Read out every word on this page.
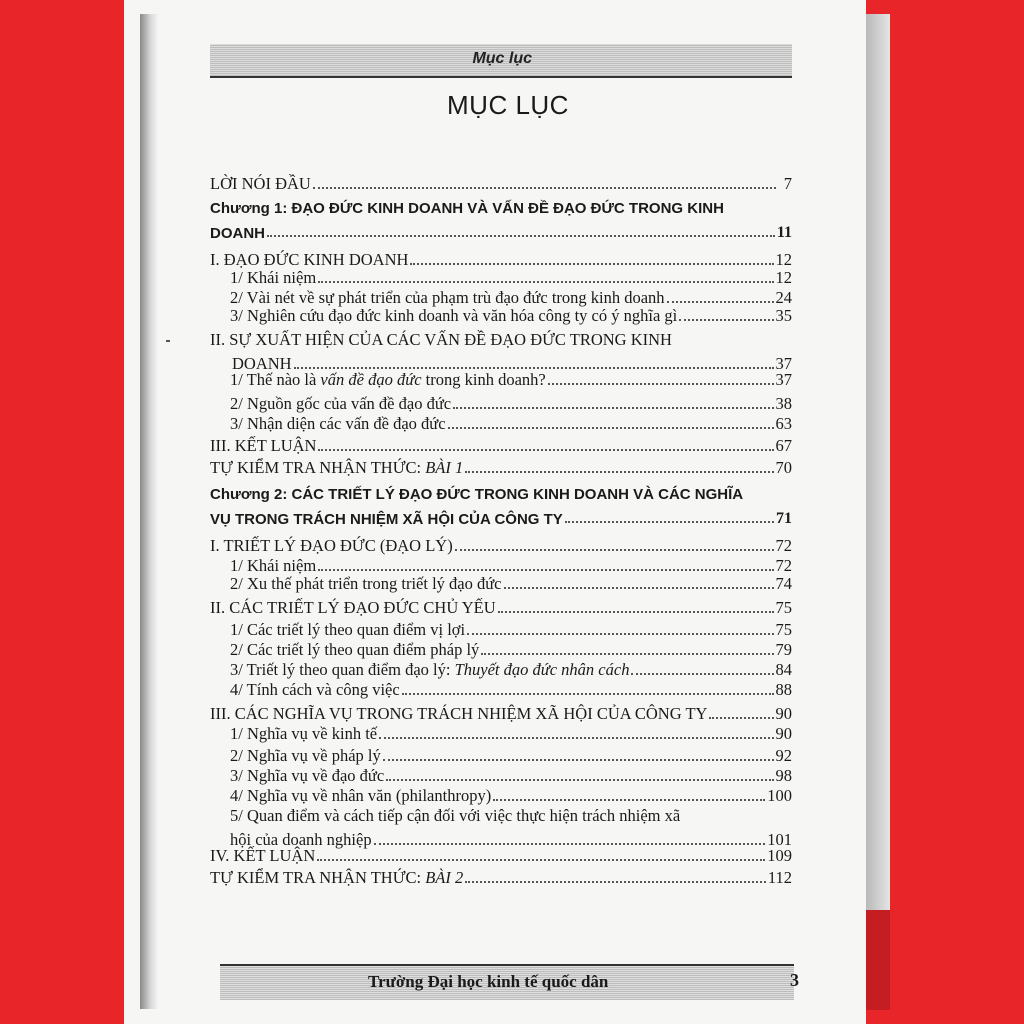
Mục lục
MỤC LỤC
LỜI NÓI ĐẦU	7
Chương 1: ĐẠO ĐỨC KINH DOANH VÀ VẤN ĐỀ ĐẠO ĐỨC TRONG KINH
DOANH	11
I. ĐẠO ĐỨC KINH DOANH	12
1/ Khái niệm	12
2/ Vài nét về sự phát triển của phạm trù đạo đức trong kinh doanh	24
3/ Nghiên cứu đạo đức kinh doanh và văn hóa công ty có ý nghĩa gì	35
II. SỰ XUẤT HIỆN CỦA CÁC VẤN ĐỀ ĐẠO ĐỨC TRONG KINH
DOANH	37
1/ Thế nào là vấn đề đạo đức trong kinh doanh?	37
2/ Nguồn gốc của vấn đề đạo đức	38
3/ Nhận diện các vấn đề đạo đức	63
III. KẾT LUẬN	67
TỰ KIỂM TRA NHẬN THỨC: BÀI 1	70
Chương 2: CÁC TRIẾT LÝ ĐẠO ĐỨC TRONG KINH DOANH VÀ CÁC NGHĨA
VỤ TRONG TRÁCH NHIỆM XÃ HỘI CỦA CÔNG TY	71
I. TRIẾT LÝ ĐẠO ĐỨC (ĐẠO LÝ)	72
1/ Khái niệm	72
2/ Xu thế phát triển trong triết lý đạo đức	74
II. CÁC TRIẾT LÝ ĐẠO ĐỨC CHỦ YẾU	75
1/ Các triết lý theo quan điểm vị lợi	75
2/ Các triết lý theo quan điểm pháp lý	79
3/ Triết lý theo quan điểm đạo lý: Thuyết đạo đức nhân cách	84
4/ Tính cách và công việc	88
III. CÁC NGHĨA VỤ TRONG TRÁCH NHIỆM XÃ HỘI CỦA CÔNG TY	90
1/ Nghĩa vụ về kinh tế	90
2/ Nghĩa vụ về pháp lý	92
3/ Nghĩa vụ về đạo đức	98
4/ Nghĩa vụ về nhân văn (philanthropy)	100
5/ Quan điểm và cách tiếp cận đối với việc thực hiện trách nhiệm xã
hội của doanh nghiệp	101
IV. KẾT LUẬN	109
TỰ KIỂM TRA NHẬN THỨC: BÀI 2	112
Trường Đại học kinh tế quốc dân	3
